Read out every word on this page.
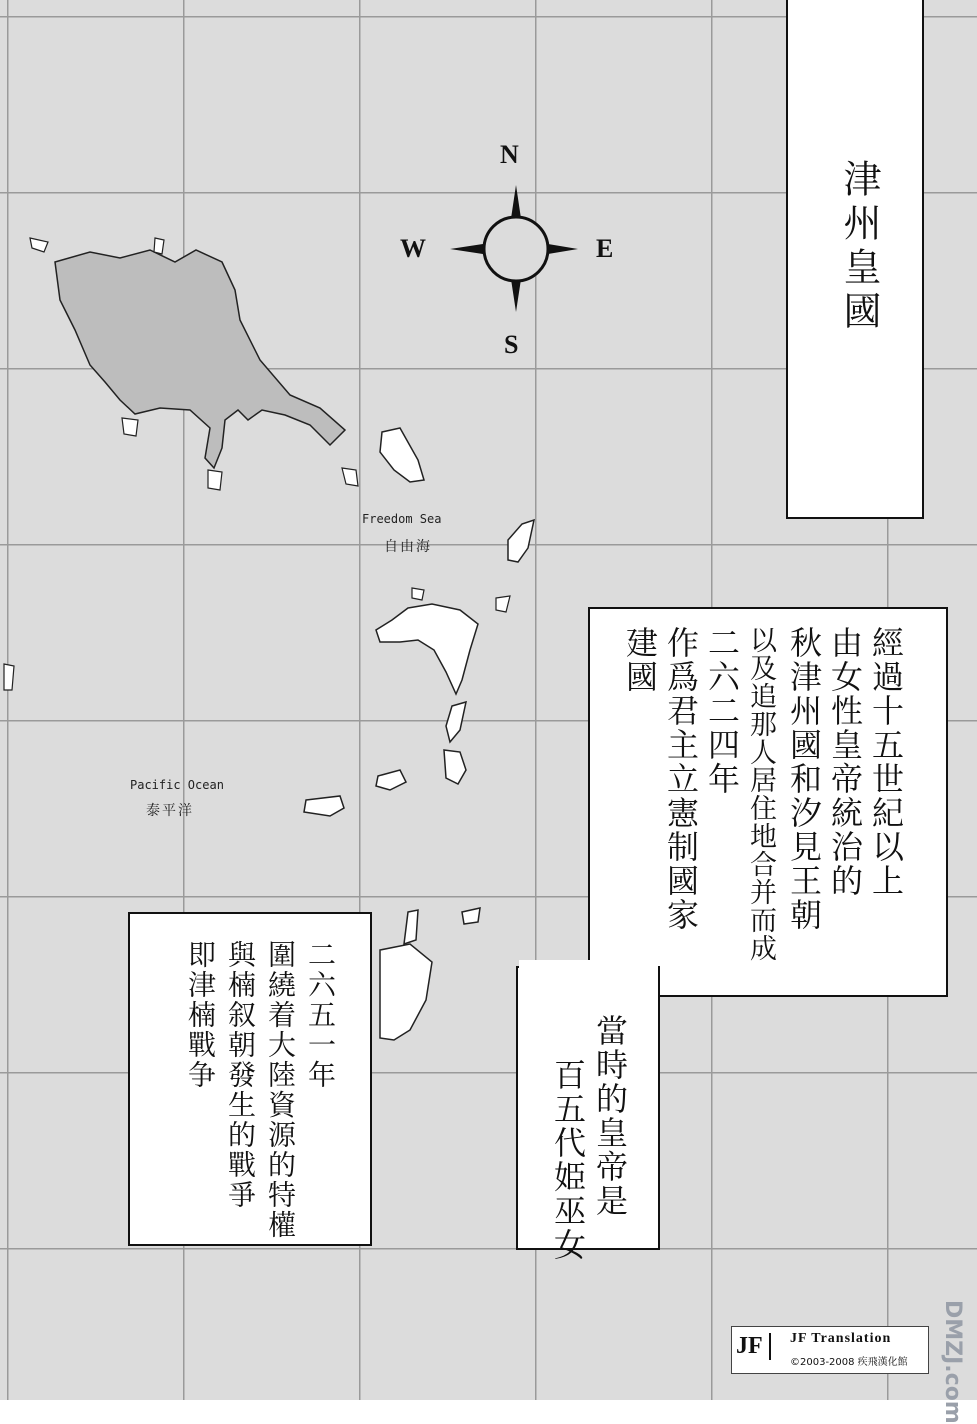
N
W	E
S
Freedom Sea
自由海
Pacific Ocean
泰平洋
津州皇國
經過十五世紀以上
由女性皇帝統治的
秋津州國和汐見王朝
以及追那人居住地合并而成
二六二四年
作爲君主立憲制國家
建國
當時的皇帝是
百五代姫巫女
二六五一年
圍繞着大陸資源的特權
與楠叙朝發生的戰爭
即津楠戰争
JF	JF Translation
©2003-2008 疾飛漢化館 DMZJ.com
